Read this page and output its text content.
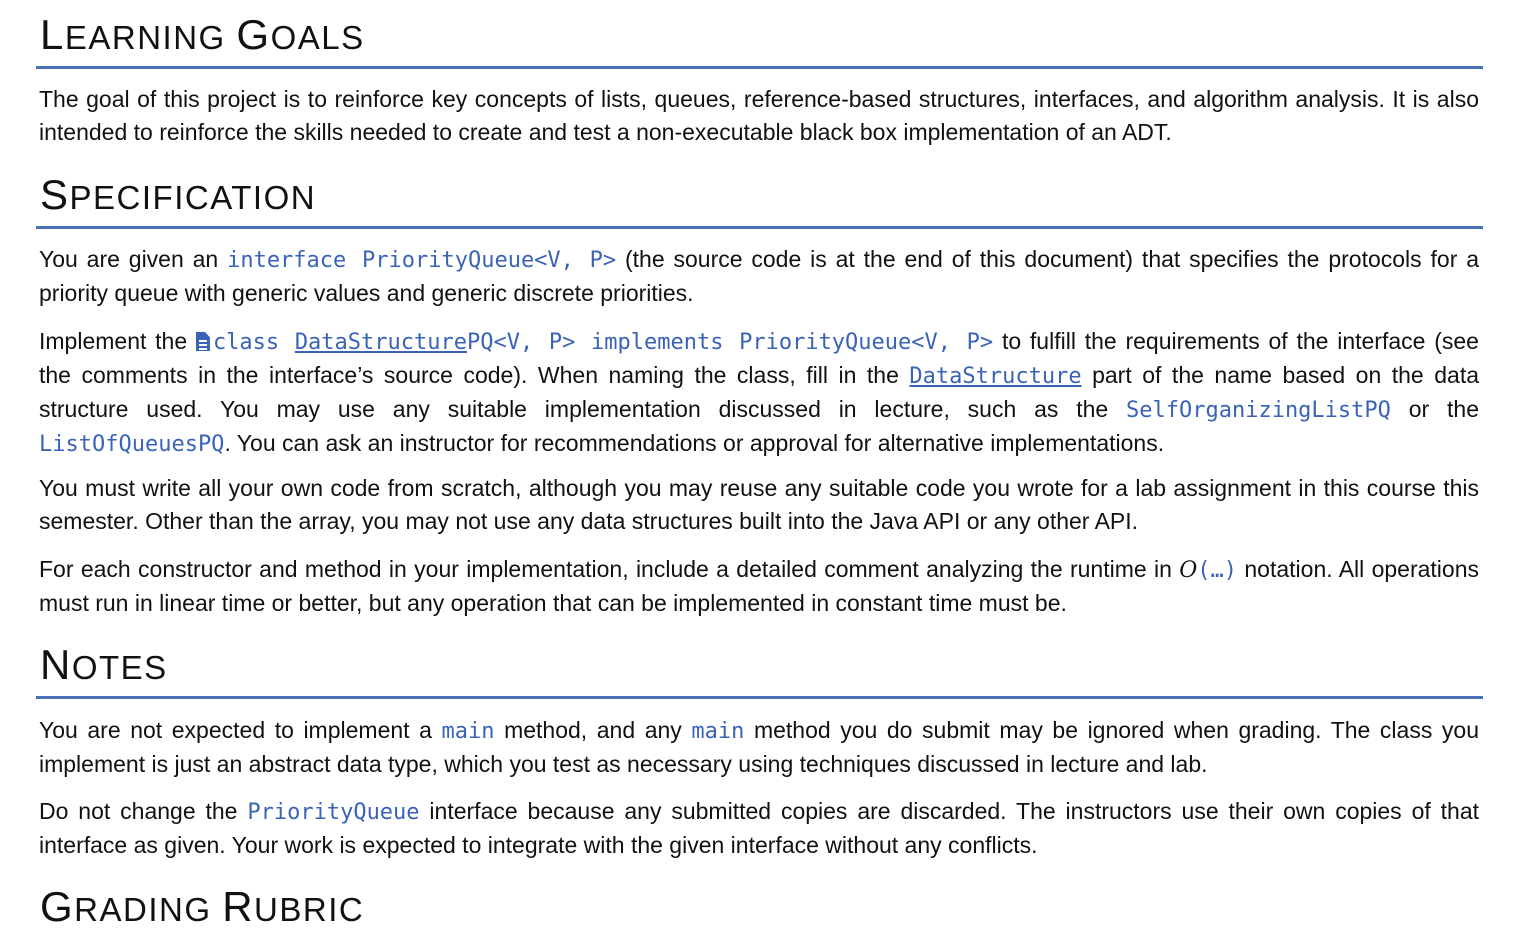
LEARNING GOALS

The goal of this project is to reinforce key concepts of lists, queues, reference-based structures, interfaces, and algorithm analysis. It is also intended to reinforce the skills needed to create and test a non-executable black box implementation of an ADT.

SPECIFICATION

You are given an interface PriorityQueue<V, P> (the source code is at the end of this document) that specifies the protocols for a priority queue with generic values and generic discrete priorities.

Implement the class DataStructurePQ<V, P> implements PriorityQueue<V, P> to fulfill the requirements of the interface (see the comments in the interface’s source code). When naming the class, fill in the DataStructure part of the name based on the data structure used. You may use any suitable implementation discussed in lecture, such as the SelfOrganizingListPQ or the ListOfQueuesPQ. You can ask an instructor for recommendations or approval for alternative implementations.

You must write all your own code from scratch, although you may reuse any suitable code you wrote for a lab assignment in this course this semester. Other than the array, you may not use any data structures built into the Java API or any other API.

For each constructor and method in your implementation, include a detailed comment analyzing the runtime in O(…) notation. All operations must run in linear time or better, but any operation that can be implemented in constant time must be.

NOTES

You are not expected to implement a main method, and any main method you do submit may be ignored when grading. The class you implement is just an abstract data type, which you test as necessary using techniques discussed in lecture and lab.

Do not change the PriorityQueue interface because any submitted copies are discarded. The instructors use their own copies of that interface as given. Your work is expected to integrate with the given interface without any conflicts.

GRADING RUBRIC
